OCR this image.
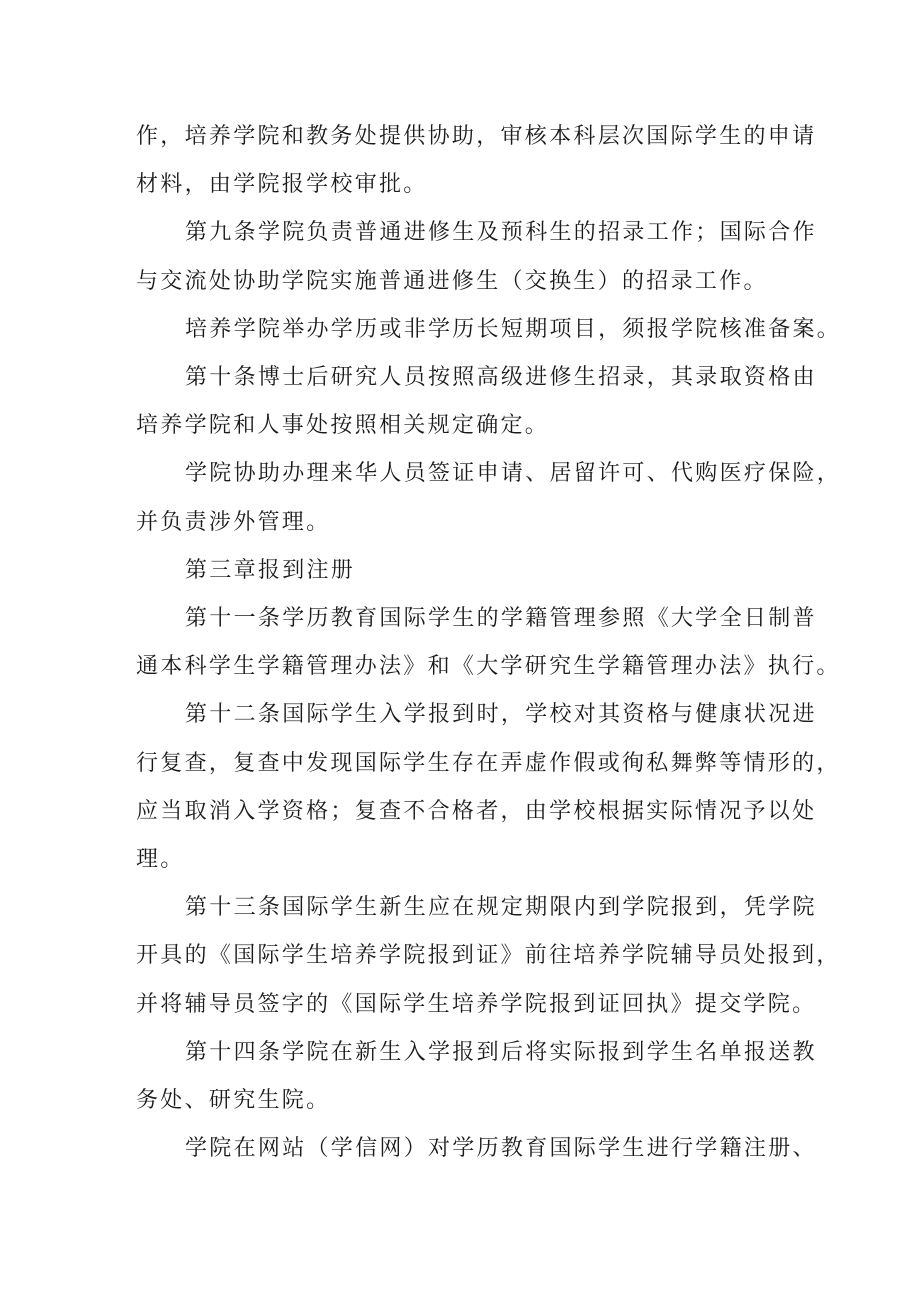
作，培养学院和教务处提供协助，审核本科层次国际学生的申请
材料，由学院报学校审批。
第九条学院负责普通进修生及预科生的招录工作；国际合作
与交流处协助学院实施普通进修生（交换生）的招录工作。
培养学院举办学历或非学历长短期项目，须报学院核准备案。
第十条博士后研究人员按照高级进修生招录，其录取资格由
培养学院和人事处按照相关规定确定。
学院协助办理来华人员签证申请、居留许可、代购医疗保险，
并负责涉外管理。
第三章报到注册
第十一条学历教育国际学生的学籍管理参照《大学全日制普
通本科学生学籍管理办法》和《大学研究生学籍管理办法》执行。
第十二条国际学生入学报到时，学校对其资格与健康状况进
行复查，复查中发现国际学生存在弄虚作假或徇私舞弊等情形的，
应当取消入学资格；复查不合格者，由学校根据实际情况予以处
理。
第十三条国际学生新生应在规定期限内到学院报到，凭学院
开具的《国际学生培养学院报到证》前往培养学院辅导员处报到，
并将辅导员签字的《国际学生培养学院报到证回执》提交学院。
第十四条学院在新生入学报到后将实际报到学生名单报送教
务处、研究生院。
学院在网站（学信网）对学历教育国际学生进行学籍注册、
